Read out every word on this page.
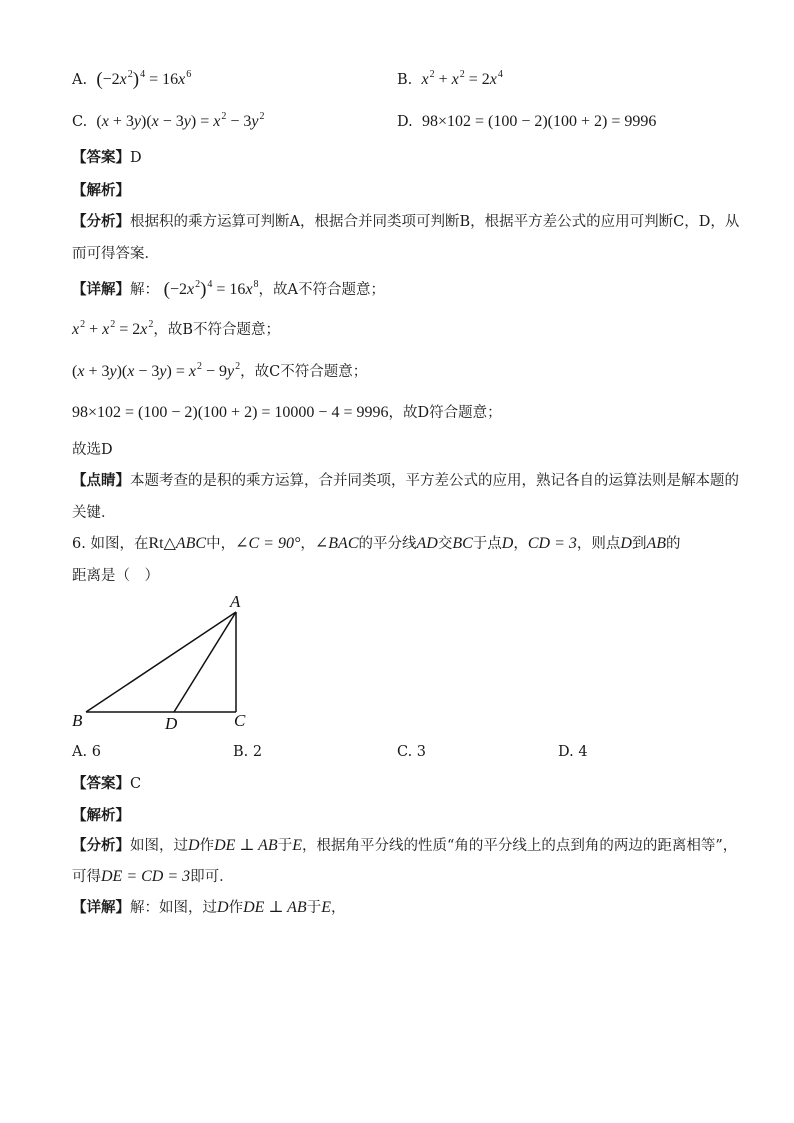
A. $(-2x^2)^4 = 16x^6$	B. $x^2 + x^2 = 2x^4$
C. $(x + 3y)(x - 3y) = x^2 - 3y^2$	D. 98×102 = (100 − 2)(100 + 2) = 9996
【答案】D
【解析】
【分析】根据积的乘方运算可判断A，根据合并同类项可判断B，根据平方差公式的应用可判断C，D，从
而可得答案．
【详解】解： $(-2x^2)^4 = 16x^8$，故A不符合题意；
$x^2 + x^2 = 2x^2$，故B不符合题意；
$(x + 3y)(x - 3y) = x^2 - 9y^2$，故C不符合题意；
98×102 = (100 − 2)(100 + 2) = 10000 − 4 = 9996，故D符合题意；
故选D
【点睛】本题考查的是积的乘方运算，合并同类项，平方差公式的应用，熟记各自的运算法则是解本题的
关键．
6. 如图，在Rt△ABC中，∠C = 90°，∠BAC的平分线AD交BC于点D，CD = 3，则点D到AB的
距离是（　）
A
B	C
D
A. 6	B. 2	C. 3	D. 4
【答案】C
【解析】
【分析】如图，过D作DE ⊥ AB于E，根据角平分线的性质“角的平分线上的点到角的两边的距离相等”，
可得DE = CD = 3即可．
【详解】解：如图，过D作DE ⊥ AB于E，
